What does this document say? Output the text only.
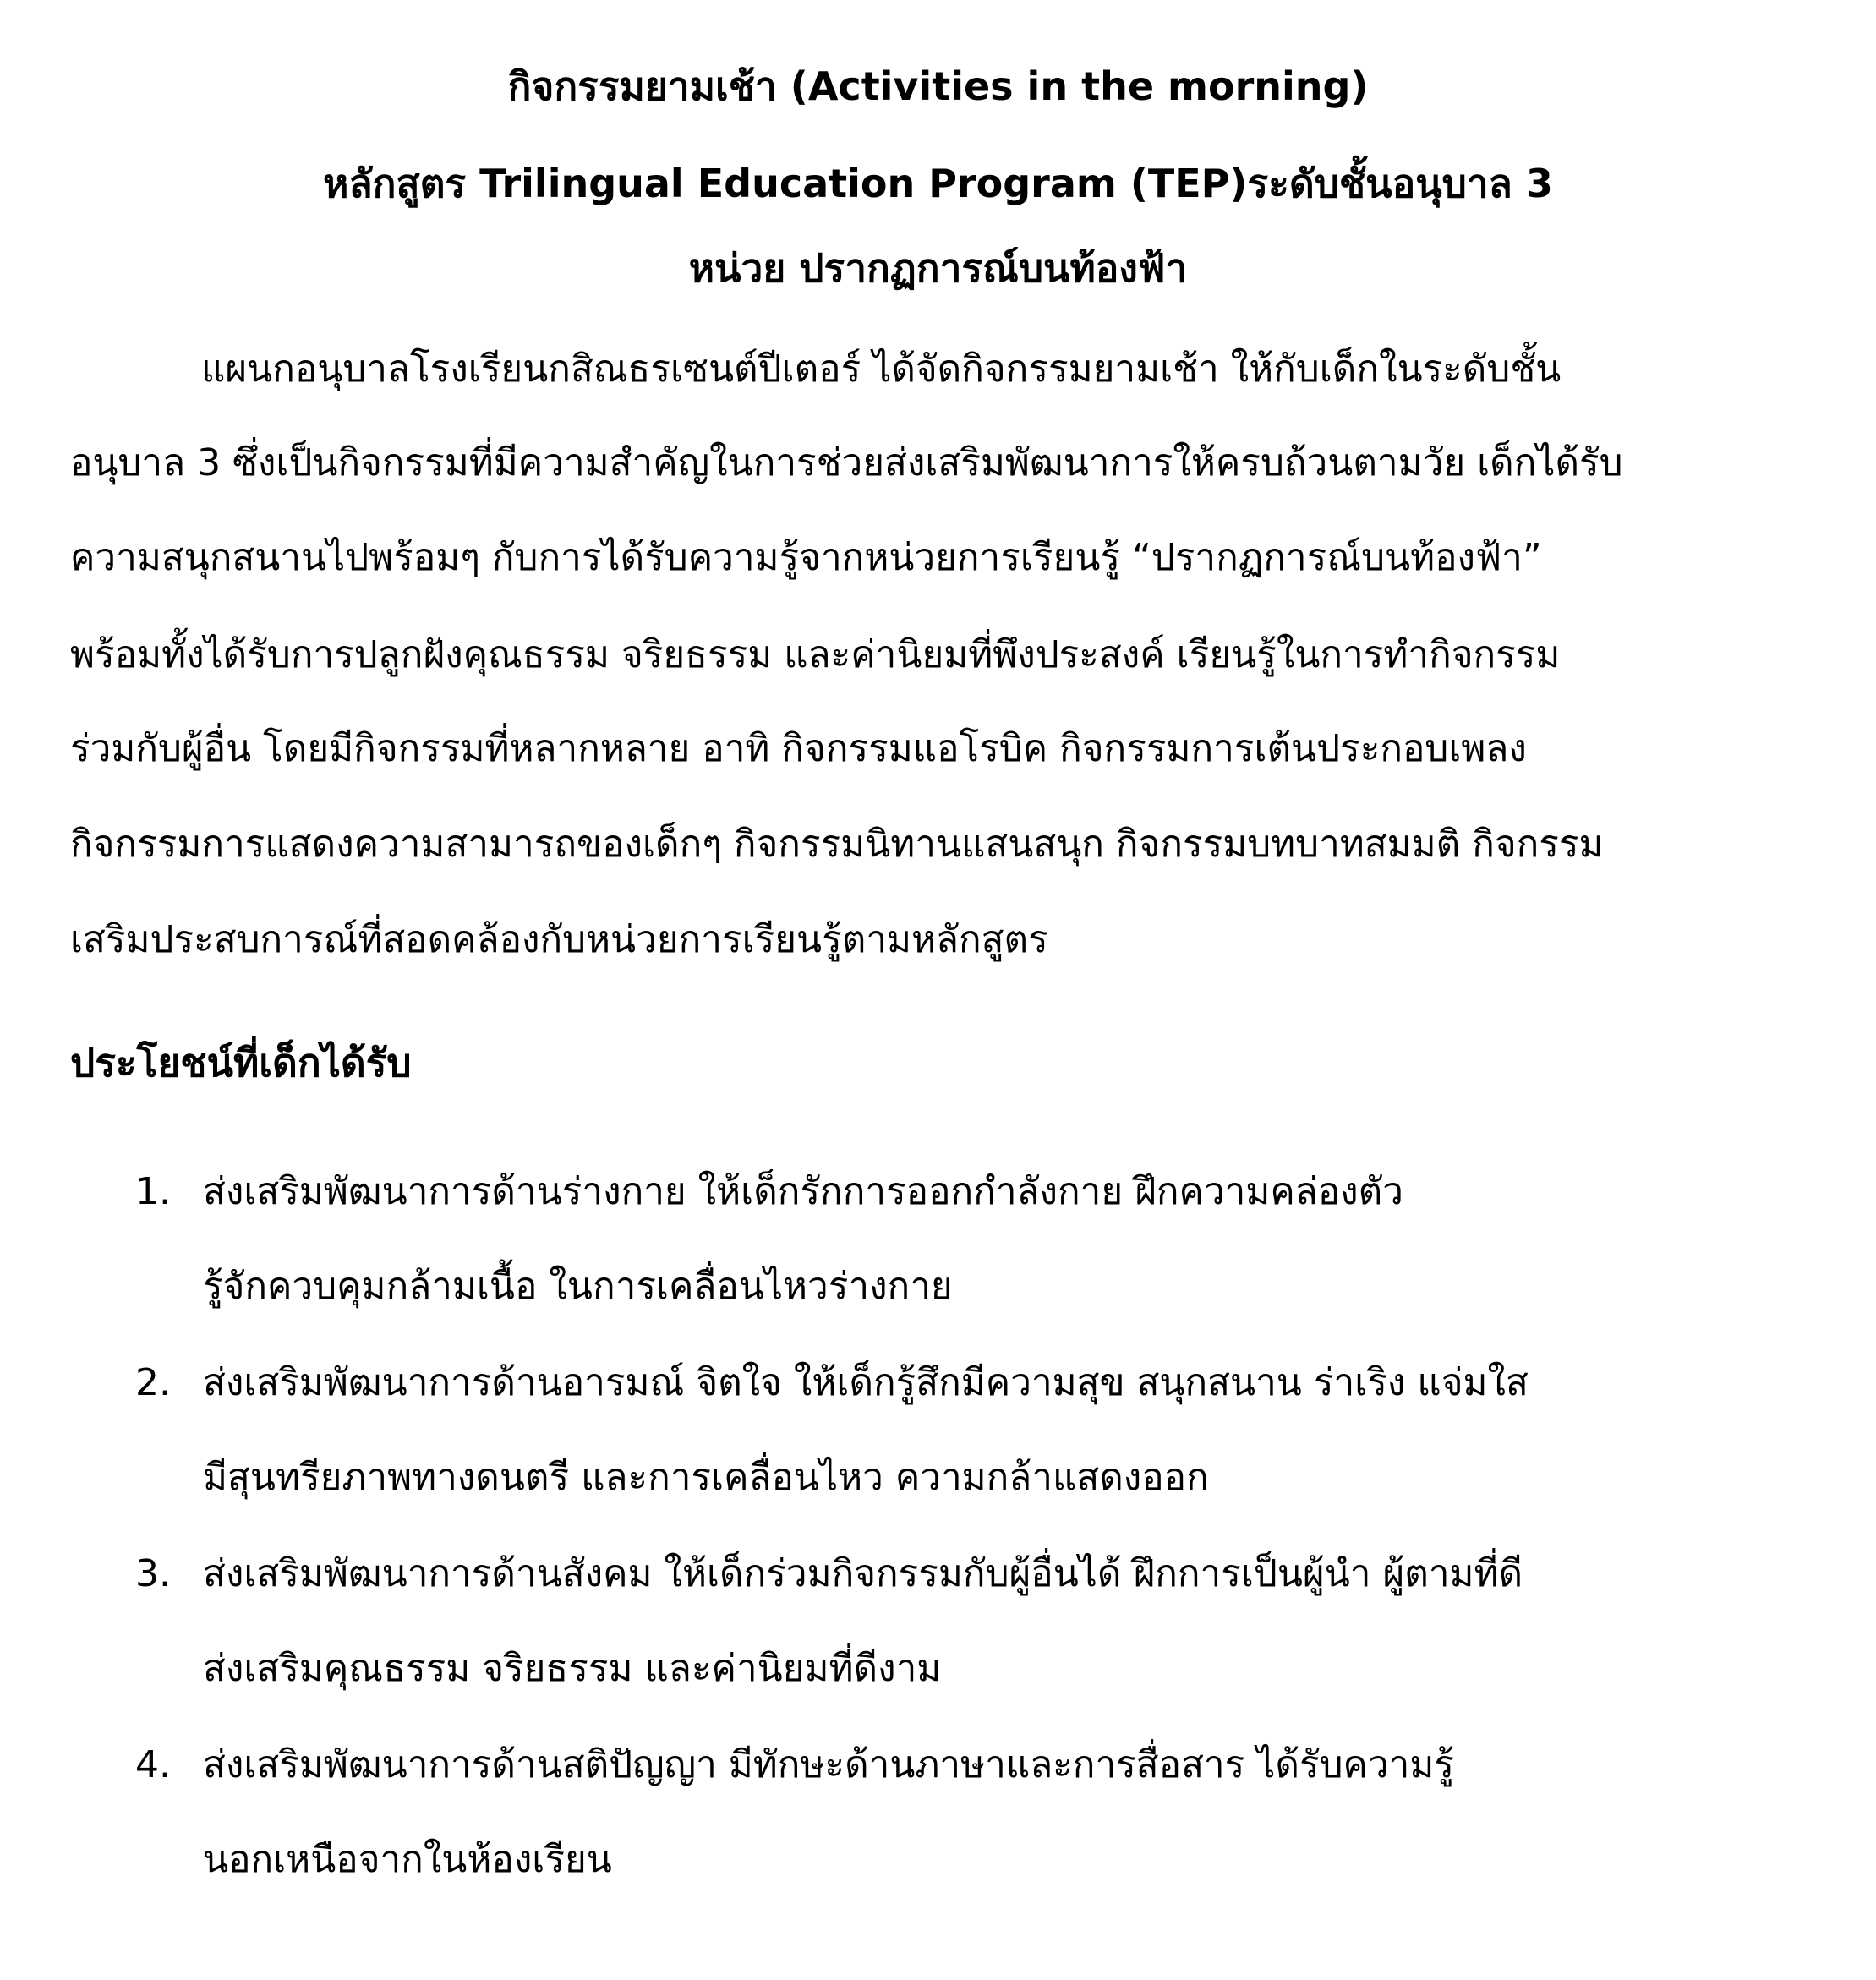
กิจกรรมยามเช้า (Activities in the morning)
หลักสูตร Trilingual Education Program (TEP)ระดับชั้นอนุบาล 3
หน่วย ปรากฏการณ์บนท้องฟ้า
แผนกอนุบาลโรงเรียนกสิณธรเซนต์ปีเตอร์ ได้จัดกิจกรรมยามเช้า ให้กับเด็กในระดับชั้น
อนุบาล 3 ซึ่งเป็นกิจกรรมที่มีความสำคัญในการช่วยส่งเสริมพัฒนาการให้ครบถ้วนตามวัย เด็กได้รับ
ความสนุกสนานไปพร้อมๆ กับการได้รับความรู้จากหน่วยการเรียนรู้ “ปรากฏการณ์บนท้องฟ้า”
พร้อมทั้งได้รับการปลูกฝังคุณธรรม จริยธรรม และค่านิยมที่พึงประสงค์ เรียนรู้ในการทำกิจกรรม
ร่วมกับผู้อื่น โดยมีกิจกรรมที่หลากหลาย อาทิ กิจกรรมแอโรบิค กิจกรรมการเต้นประกอบเพลง
กิจกรรมการแสดงความสามารถของเด็กๆ กิจกรรมนิทานแสนสนุก กิจกรรมบทบาทสมมติ กิจกรรม
เสริมประสบการณ์ที่สอดคล้องกับหน่วยการเรียนรู้ตามหลักสูตร
ประโยชน์ที่เด็กได้รับ
1. ส่งเสริมพัฒนาการด้านร่างกาย ให้เด็กรักการออกกำลังกาย ฝึกความคล่องตัว
รู้จักควบคุมกล้ามเนื้อ ในการเคลื่อนไหวร่างกาย
2. ส่งเสริมพัฒนาการด้านอารมณ์ จิตใจ ให้เด็กรู้สึกมีความสุข สนุกสนาน ร่าเริง แจ่มใส
มีสุนทรียภาพทางดนตรี และการเคลื่อนไหว ความกล้าแสดงออก
3. ส่งเสริมพัฒนาการด้านสังคม ให้เด็กร่วมกิจกรรมกับผู้อื่นได้ ฝึกการเป็นผู้นำ ผู้ตามที่ดี
ส่งเสริมคุณธรรม จริยธรรม และค่านิยมที่ดีงาม
4. ส่งเสริมพัฒนาการด้านสติปัญญา มีทักษะด้านภาษาและการสื่อสาร ได้รับความรู้
นอกเหนือจากในห้องเรียน
